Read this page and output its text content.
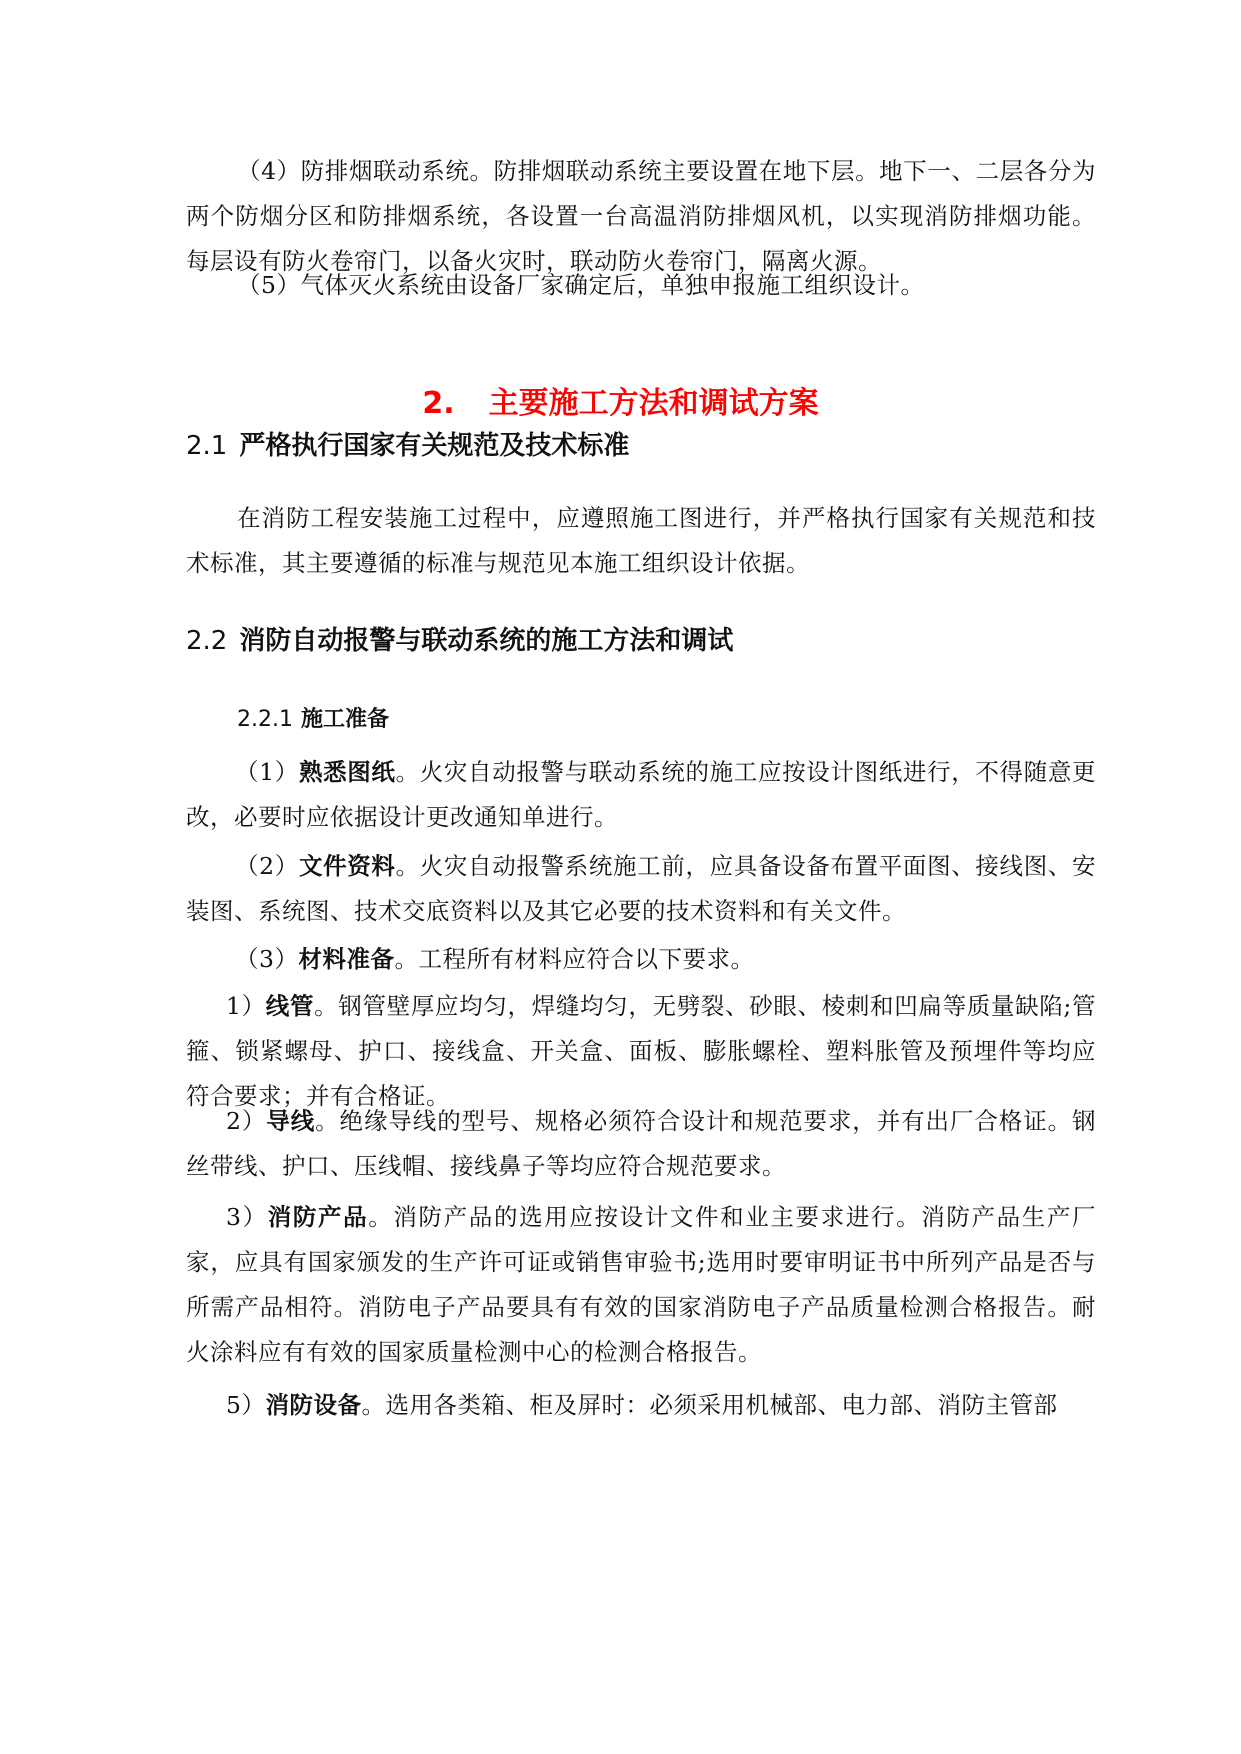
（4）防排烟联动系统。防排烟联动系统主要设置在地下层。地下一、二层各分为两个防烟分区和防排烟系统，各设置一台高温消防排烟风机，以实现消防排烟功能。每层设有防火卷帘门，以备火灾时，联动防火卷帘门，隔离火源。

（5）气体灭火系统由设备厂家确定后，单独申报施工组织设计。

2. 主要施工方法和调试方案
2.1 严格执行国家有关规范及技术标准

在消防工程安装施工过程中，应遵照施工图进行，并严格执行国家有关规范和技术标准，其主要遵循的标准与规范见本施工组织设计依据。

2.2 消防自动报警与联动系统的施工方法和调试
2.2.1 施工准备

（1）熟悉图纸。火灾自动报警与联动系统的施工应按设计图纸进行，不得随意更改，必要时应依据设计更改通知单进行。

（2）文件资料。火灾自动报警系统施工前，应具备设备布置平面图、接线图、安装图、系统图、技术交底资料以及其它必要的技术资料和有关文件。

（3）材料准备。工程所有材料应符合以下要求。

1）线管。钢管壁厚应均匀，焊缝均匀，无劈裂、砂眼、棱刺和凹扁等质量缺陷;管箍、锁紧螺母、护口、接线盒、开关盒、面板、膨胀螺栓、塑料胀管及预埋件等均应符合要求；并有合格证。

2）导线。绝缘导线的型号、规格必须符合设计和规范要求，并有出厂合格证。钢丝带线、护口、压线帽、接线鼻子等均应符合规范要求。

3）消防产品。消防产品的选用应按设计文件和业主要求进行。消防产品生产厂家，应具有国家颁发的生产许可证或销售审验书;选用时要审明证书中所列产品是否与所需产品相符。消防电子产品要具有有效的国家消防电子产品质量检测合格报告。耐火涂料应有有效的国家质量检测中心的检测合格报告。

5）消防设备。选用各类箱、柜及屏时：必须采用机械部、电力部、消防主管部
